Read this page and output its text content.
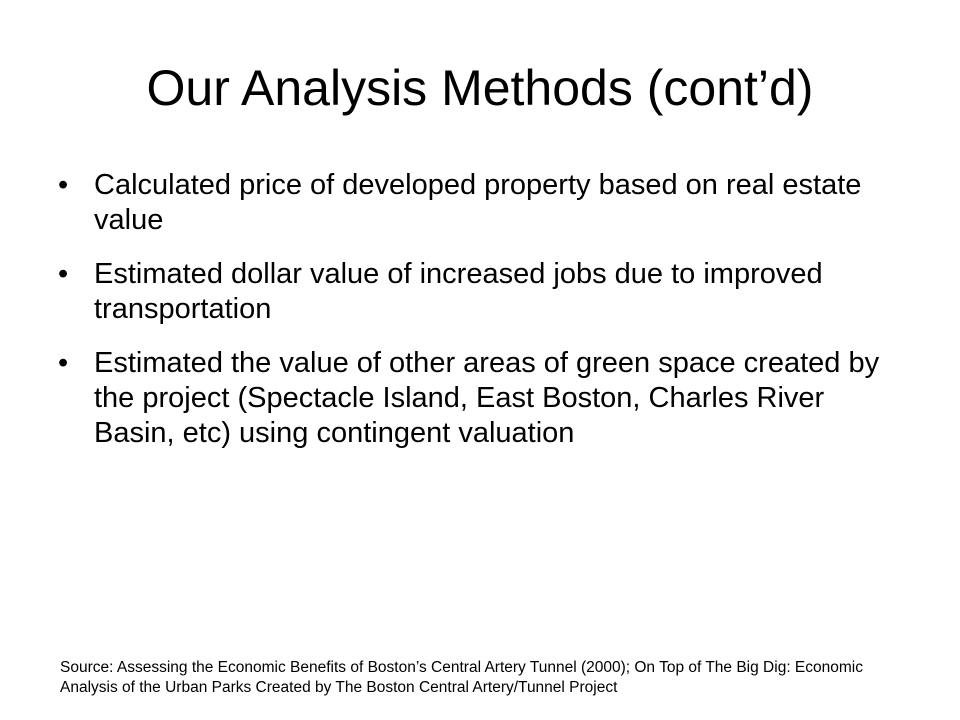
Our Analysis Methods (cont’d)
• Calculated price of developed property based on real estate value
• Estimated dollar value of increased jobs due to improved transportation
• Estimated the value of other areas of green space created by the project (Spectacle Island, East Boston, Charles River Basin, etc) using contingent valuation

Source: Assessing the Economic Benefits of Boston’s Central Artery Tunnel (2000); On Top of The Big Dig: Economic Analysis of the Urban Parks Created by The Boston Central Artery/Tunnel Project
